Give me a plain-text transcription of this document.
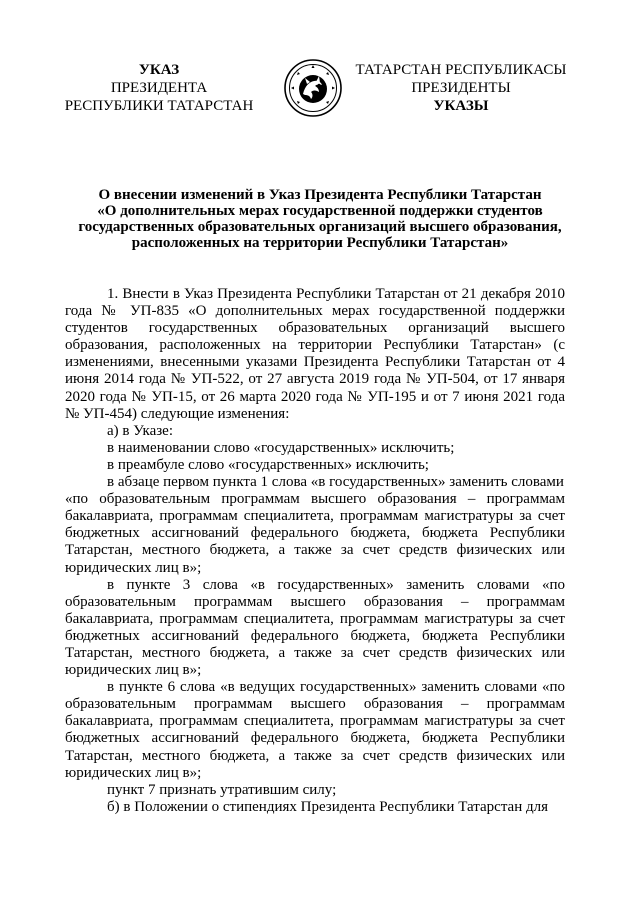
УКАЗ
ПРЕЗИДЕНТА
РЕСПУБЛИКИ ТАТАРСТАН
ТАТАРСТАН РЕСПУБЛИКАСЫ
ПРЕЗИДЕНТЫ
УКАЗЫ
О внесении изменений в Указ Президента Республики Татарстан
«О дополнительных мерах государственной поддержки студентов
государственных образовательных организаций высшего образования,
расположенных на территории Республики Татарстан»
1. Внести в Указ Президента Республики Татарстан от 21 декабря 2010 года № УП-835 «О дополнительных мерах государственной поддержки студентов государственных образовательных организаций высшего образования, расположенных на территории Республики Татарстан» (с изменениями, внесенными указами Президента Республики Татарстан от 4 июня 2014 года № УП-522, от 27 августа 2019 года № УП-504, от 17 января 2020 года № УП-15, от 26 марта 2020 года № УП-195 и от 7 июня 2021 года № УП-454) следующие изменения:
а) в Указе:
в наименовании слово «государственных» исключить;
в преамбуле слово «государственных» исключить;
в абзаце первом пункта 1 слова «в государственных» заменить словами
«по образовательным программам высшего образования – программам бакалавриата, программам специалитета, программам магистратуры за счет бюджетных ассигнований федерального бюджета, бюджета Республики Татарстан, местного бюджета, а также за счет средств физических или юридических лиц в»;
в пункте 3 слова «в государственных» заменить словами «по образовательным программам высшего образования – программам бакалавриата, программам специалитета, программам магистратуры за счет бюджетных ассигнований федерального бюджета, бюджета Республики Татарстан, местного бюджета, а также за счет средств физических или юридических лиц в»;
в пункте 6 слова «в ведущих государственных» заменить словами «по образовательным программам высшего образования – программам бакалавриата, программам специалитета, программам магистратуры за счет бюджетных ассигнований федерального бюджета, бюджета Республики Татарстан, местного бюджета, а также за счет средств физических или юридических лиц в»;
пункт 7 признать утратившим силу;
б) в Положении о стипендиях Президента Республики Татарстан для
